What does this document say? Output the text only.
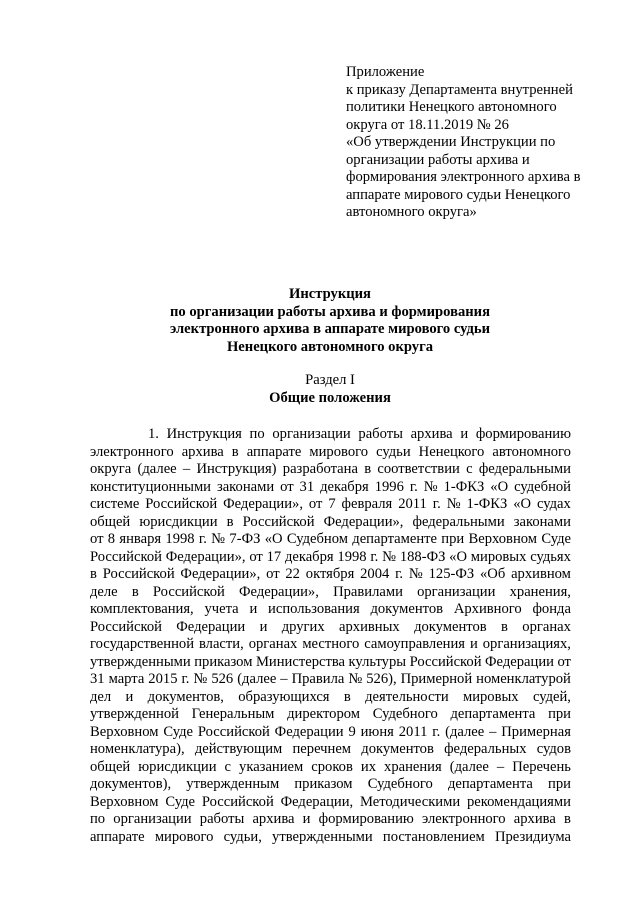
Приложение
к приказу Департамента внутренней
политики Ненецкого автономного
округа от 18.11.2019 № 26
«Об утверждении Инструкции по
организации работы архива и
формирования электронного архива в
аппарате мирового судьи Ненецкого
автономного округа»
Инструкция
по организации работы архива и формирования
электронного архива в аппарате мирового судьи
Ненецкого автономного округа
Раздел I
Общие положения
1. Инструкция по организации работы архива и формированию
электронного архива в аппарате мирового судьи Ненецкого автономного
округа (далее – Инструкция) разработана в соответствии с федеральными
конституционными законами от 31 декабря 1996 г. № 1-ФКЗ «О судебной
системе Российской Федерации», от 7 февраля 2011 г. № 1-ФКЗ «О судах
общей юрисдикции в Российской Федерации», федеральными законами
от 8 января 1998 г. № 7-ФЗ «О Судебном департаменте при Верховном Суде
Российской Федерации», от 17 декабря 1998 г. № 188-ФЗ «О мировых судьях
в Российской Федерации», от 22 октября 2004 г. № 125-ФЗ «Об архивном
деле в Российской Федерации», Правилами организации хранения,
комплектования, учета и использования документов Архивного фонда
Российской Федерации и других архивных документов в органах
государственной власти, органах местного самоуправления и организациях,
утвержденными приказом Министерства культуры Российской Федерации от
31 марта 2015 г. № 526 (далее – Правила № 526), Примерной номенклатурой
дел и документов, образующихся в деятельности мировых судей,
утвержденной Генеральным директором Судебного департамента при
Верховном Суде Российской Федерации 9 июня 2011 г. (далее – Примерная
номенклатура), действующим перечнем документов федеральных судов
общей юрисдикции с указанием сроков их хранения (далее – Перечень
документов), утвержденным приказом Судебного департамента при
Верховном Суде Российской Федерации, Методическими рекомендациями
по организации работы архива и формированию электронного архива в
аппарате мирового судьи, утвержденными постановлением Президиума
